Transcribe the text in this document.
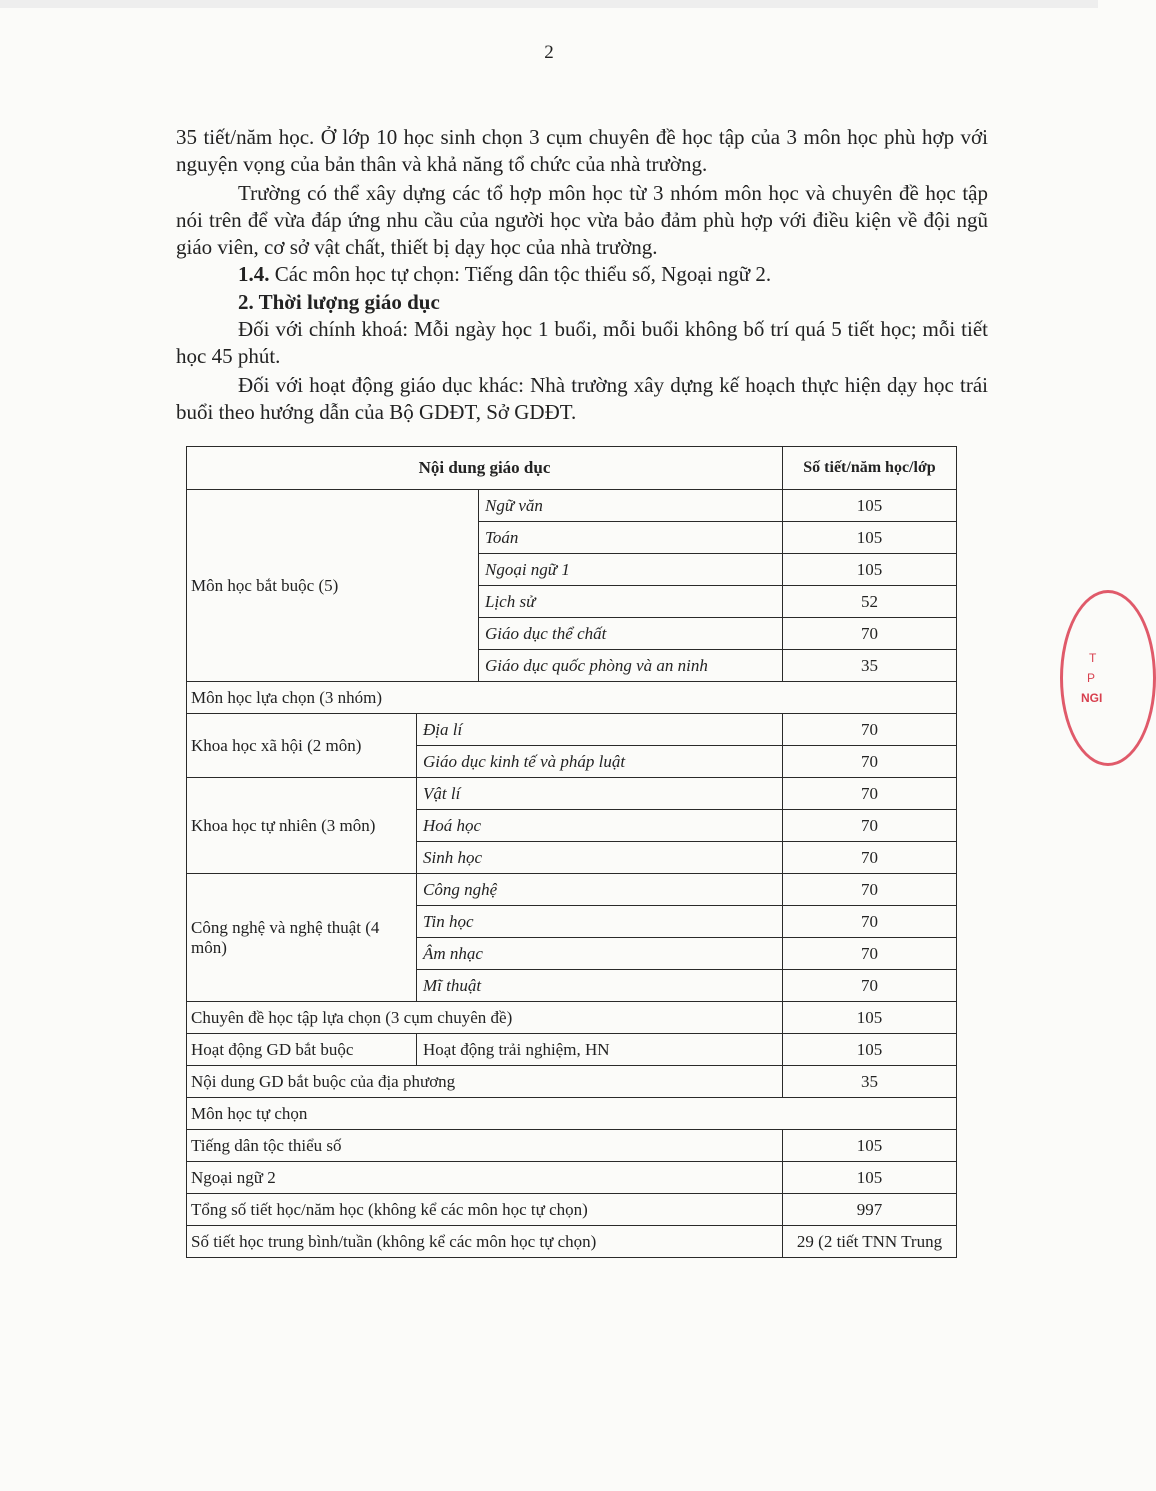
2

35 tiết/năm học. Ở lớp 10 học sinh chọn 3 cụm chuyên đề học tập của 3 môn học phù hợp với nguyện vọng của bản thân và khả năng tổ chức của nhà trường.

Trường có thể xây dựng các tổ hợp môn học từ 3 nhóm môn học và chuyên đề học tập nói trên để vừa đáp ứng nhu cầu của người học vừa bảo đảm phù hợp với điều kiện về đội ngũ giáo viên, cơ sở vật chất, thiết bị dạy học của nhà trường.

1.4. Các môn học tự chọn: Tiếng dân tộc thiểu số, Ngoại ngữ 2.

2. Thời lượng giáo dục

Đối với chính khoá: Mỗi ngày học 1 buổi, mỗi buổi không bố trí quá 5 tiết học; mỗi tiết học 45 phút.

Đối với hoạt động giáo dục khác: Nhà trường xây dựng kế hoạch thực hiện dạy học trái buổi theo hướng dẫn của Bộ GDĐT, Sở GDĐT.

Nội dung giáo dục			Số tiết/năm học/lớp
Môn học bắt buộc (5)		Ngữ văn	105
		Toán	105
		Ngoại ngữ 1	105
		Lịch sử	52
		Giáo dục thể chất	70
		Giáo dục quốc phòng và an ninh	35
Môn học lựa chọn (3 nhóm)			
Khoa học xã hội (2 môn)	Địa lí		70
	Giáo dục kinh tế và pháp luật		70
Khoa học tự nhiên (3 môn)	Vật lí		70
	Hoá học		70
	Sinh học		70
Công nghệ và nghệ thuật (4 môn)	Công nghệ		70
	Tin học		70
	Âm nhạc		70
	Mĩ thuật		70
Chuyên đề học tập lựa chọn (3 cụm chuyên đề)			105
Hoạt động GD bắt buộc	Hoạt động trải nghiệm, HN		105
Nội dung GD bắt buộc của địa phương			35
Môn học tự chọn			
Tiếng dân tộc thiểu số			105
Ngoại ngữ 2			105
Tổng số tiết học/năm học (không kể các môn học tự chọn)			997
Số tiết học trung bình/tuần (không kể các môn học tự chọn)			29 (2 tiết TNN Trung
T
P
NGI
